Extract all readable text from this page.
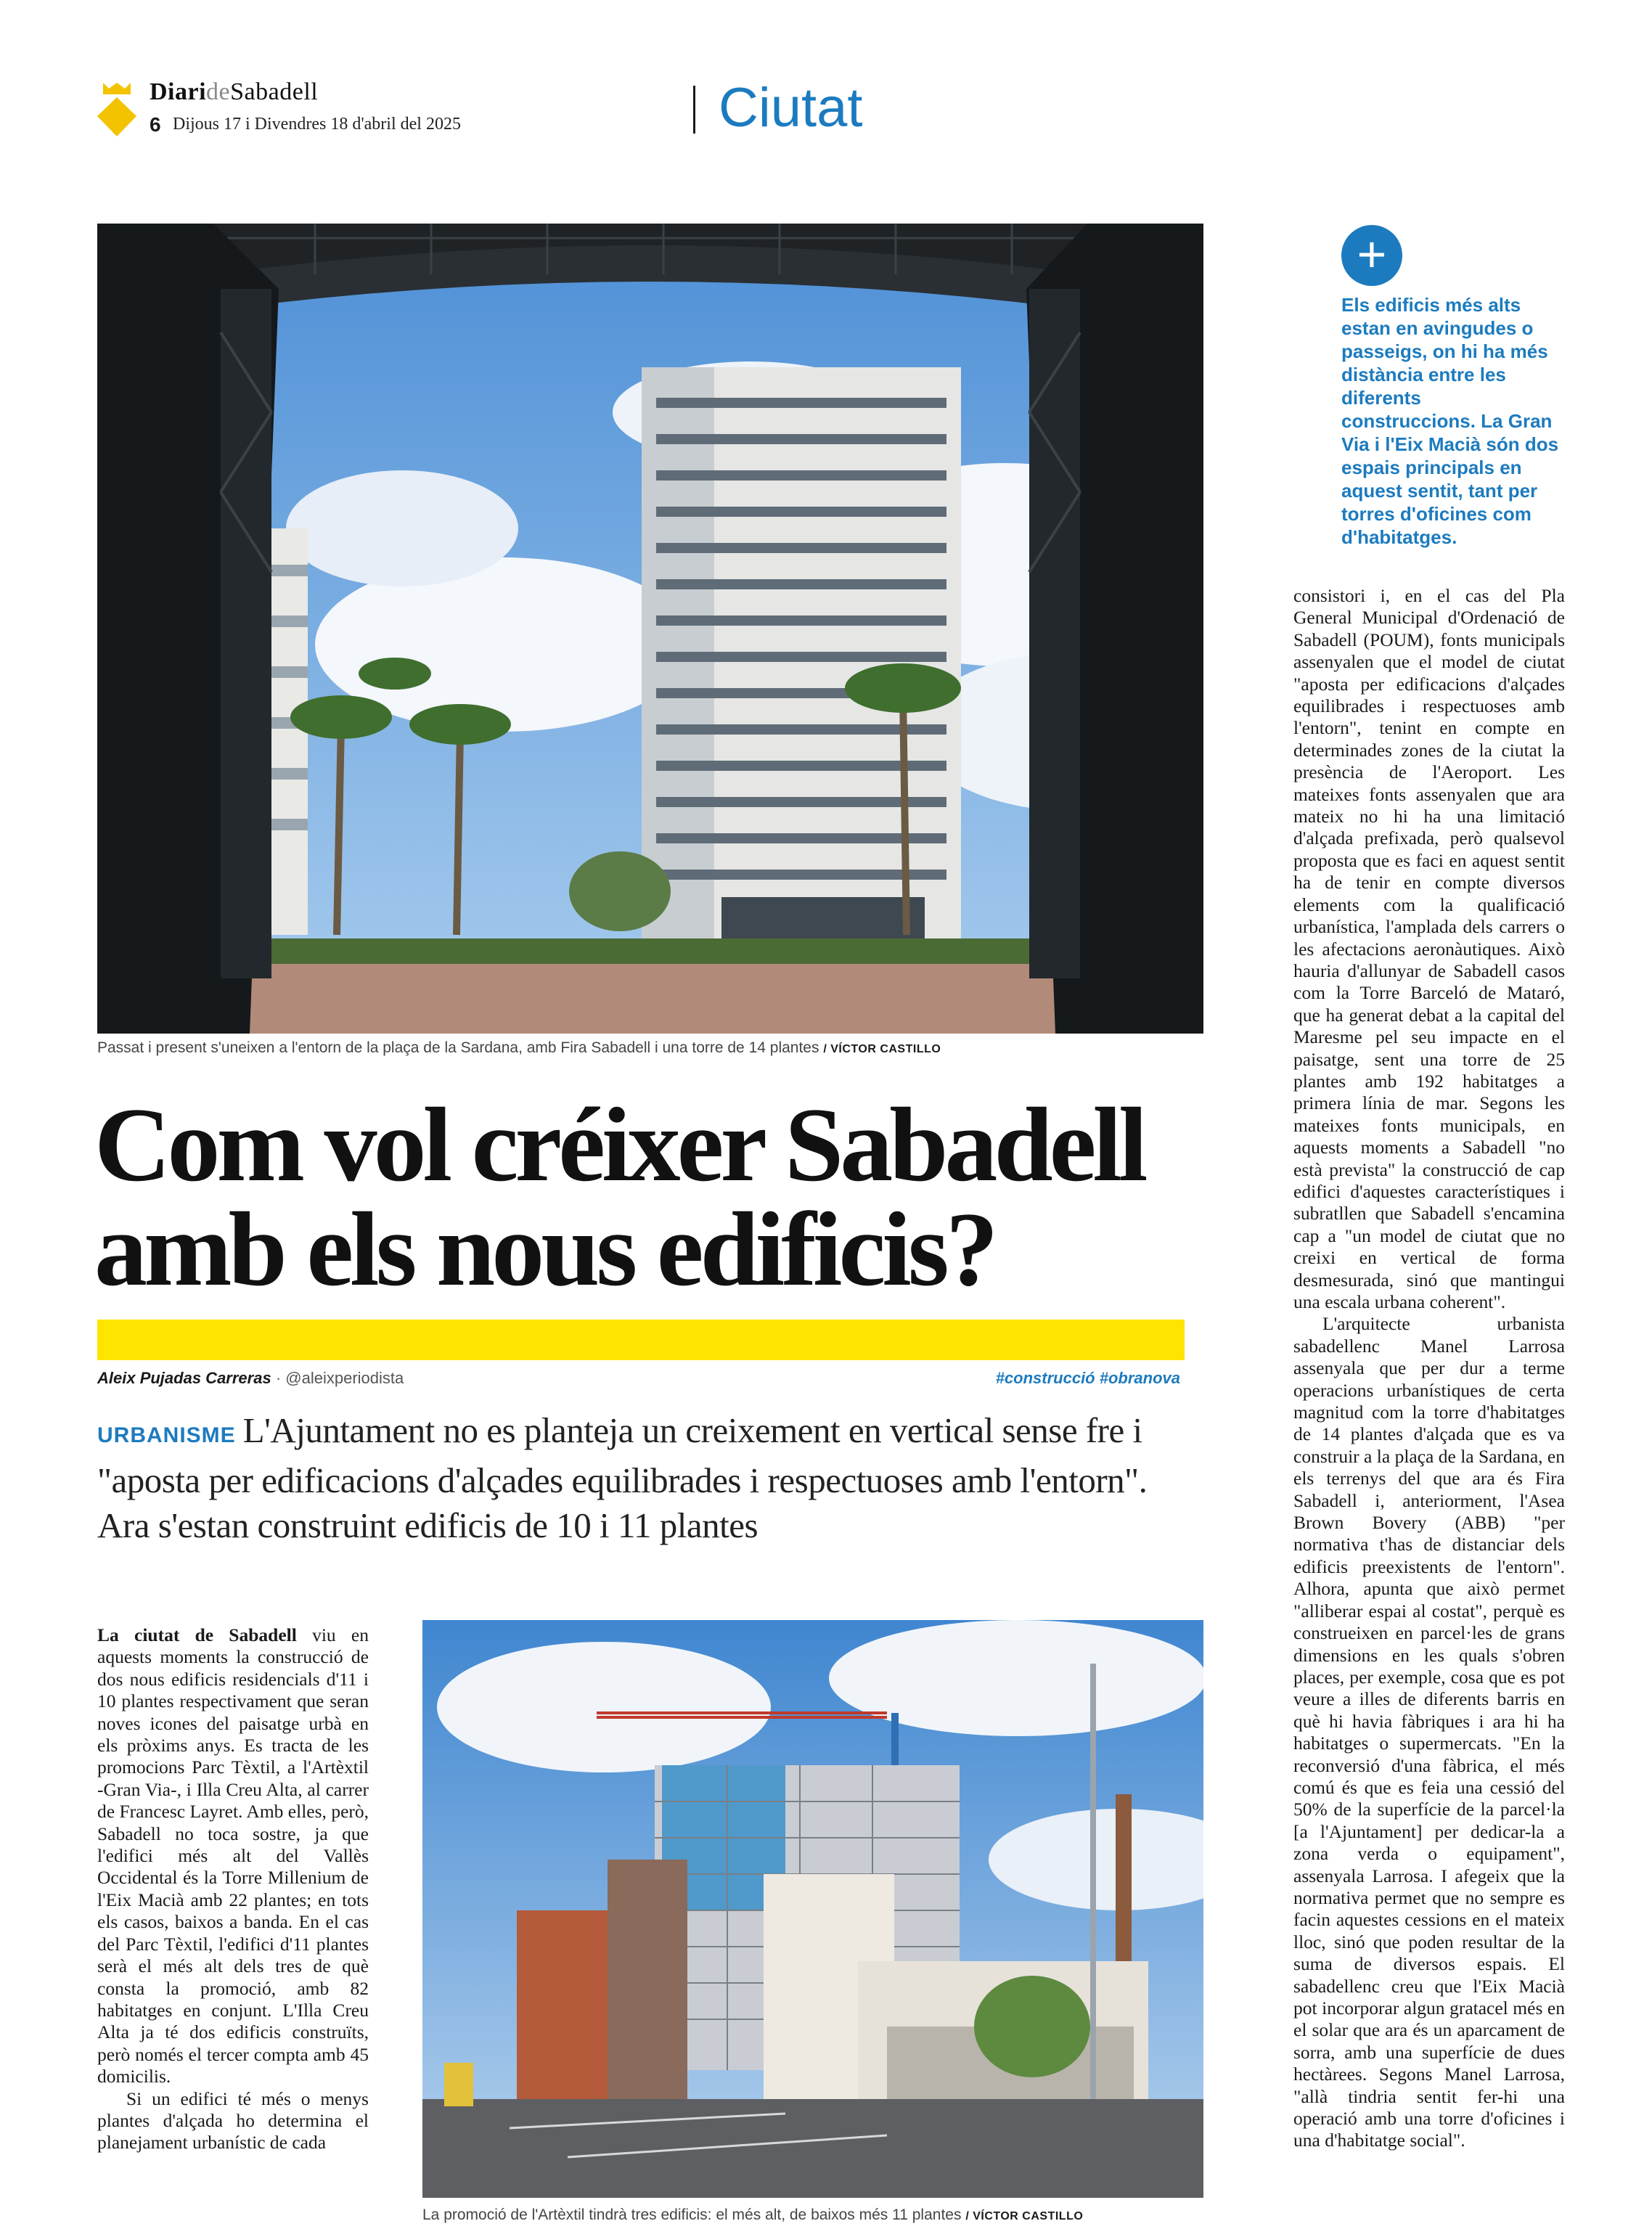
DiarideSabadell
6 Dijous 17 i Divendres 18 d'abril del 2025	Ciutat
Passat i present s'uneixen a l'entorn de la plaça de la Sardana, amb Fira Sabadell i una torre de 14 plantes / VÍCTOR CASTILLO
+
Els edificis més alts estan en avingudes o passeigs, on hi ha més distància entre les diferents construccions. La Gran Via i l'Eix Macià són dos espais principals en aquest sentit, tant per torres d'oficines com d'habitatges.
Com vol créixer Sabadell
amb els nous edificis?
Aleix Pujadas Carreras · @aleixperiodista	#construcció #obranova
URBANISME L'Ajuntament no es planteja un creixement en vertical sense fre i "aposta per edificacions d'alçades equilibrades i respectuoses amb l'entorn". Ara s'estan construint edificis de 10 i 11 plantes

La ciutat de Sabadell viu en aquests moments la construcció de dos nous edificis residencials d'11 i 10 plantes respectivament que seran noves icones del paisatge urbà en els pròxims anys. Es tracta de les promocions Parc Tèxtil, a l'Artèxtil -Gran Via-, i Illa Creu Alta, al carrer de Francesc Layret. Amb elles, però, Sabadell no toca sostre, ja que l'edifici més alt del Vallès Occidental és la Torre Millenium de l'Eix Macià amb 22 plantes; en tots els casos, baixos a banda. En el cas del Parc Tèxtil, l'edifici d'11 plantes serà el més alt dels tres de què consta la promoció, amb 82 habitatges en conjunt. L'Illa Creu Alta ja té dos edificis construïts, però només el tercer compta amb 45 domicilis.

Si un edifici té més o menys plantes d'alçada ho determina el planejament urbanístic de cada

La promoció de l'Artèxtil tindrà tres edificis: el més alt, de baixos més 11 plantes / VÍCTOR CASTILLO

consistori i, en el cas del Pla General Municipal d'Ordenació de Sabadell (POUM), fonts municipals assenyalen que el model de ciutat "aposta per edificacions d'alçades equilibrades i respectuoses amb l'entorn", tenint en compte en determinades zones de la ciutat la presència de l'Aeroport. Les mateixes fonts assenyalen que ara mateix no hi ha una limitació d'alçada prefixada, però qualsevol proposta que es faci en aquest sentit ha de tenir en compte diversos elements com la qualificació urbanística, l'amplada dels carrers o les afectacions aeronàutiques. Això hauria d'allunyar de Sabadell casos com la Torre Barceló de Mataró, que ha generat debat a la capital del Maresme pel seu impacte en el paisatge, sent una torre de 25 plantes amb 192 habitatges a primera línia de mar. Segons les mateixes fonts municipals, en aquests moments a Sabadell "no està prevista" la construcció de cap edifici d'aquestes característiques i subratllen que Sabadell s'encamina cap a "un model de ciutat que no creixi en vertical de forma desmesurada, sinó que mantingui una escala urbana coherent".

L'arquitecte urbanista sabadellenc Manel Larrosa assenyala que per dur a terme operacions urbanístiques de certa magnitud com la torre d'habitatges de 14 plantes d'alçada que es va construir a la plaça de la Sardana, en els terrenys del que ara és Fira Sabadell i, anteriorment, l'Asea Brown Bovery (ABB) "per normativa t'has de distanciar dels edificis preexistents de l'entorn". Alhora, apunta que això permet "alliberar espai al costat", perquè es construeixen en parcel·les de grans dimensions en les quals s'obren places, per exemple, cosa que es pot veure a illes de diferents barris en què hi havia fàbriques i ara hi ha habitatges o supermercats. "En la reconversió d'una fàbrica, el més comú és que es feia una cessió del 50% de la superfície de la parcel·la [a l'Ajuntament] per dedicar-la a zona verda o equipament", assenyala Larrosa. I afegeix que la normativa permet que no sempre es facin aquestes cessions en el mateix lloc, sinó que poden resultar de la suma de diversos espais. El sabadellenc creu que l'Eix Macià pot incorporar algun gratacel més en el solar que ara és un aparcament de sorra, amb una superfície de dues hectàrees. Segons Manel Larrosa, "allà tindria sentit fer-hi una operació amb una torre d'oficines i una d'habitatge social".
